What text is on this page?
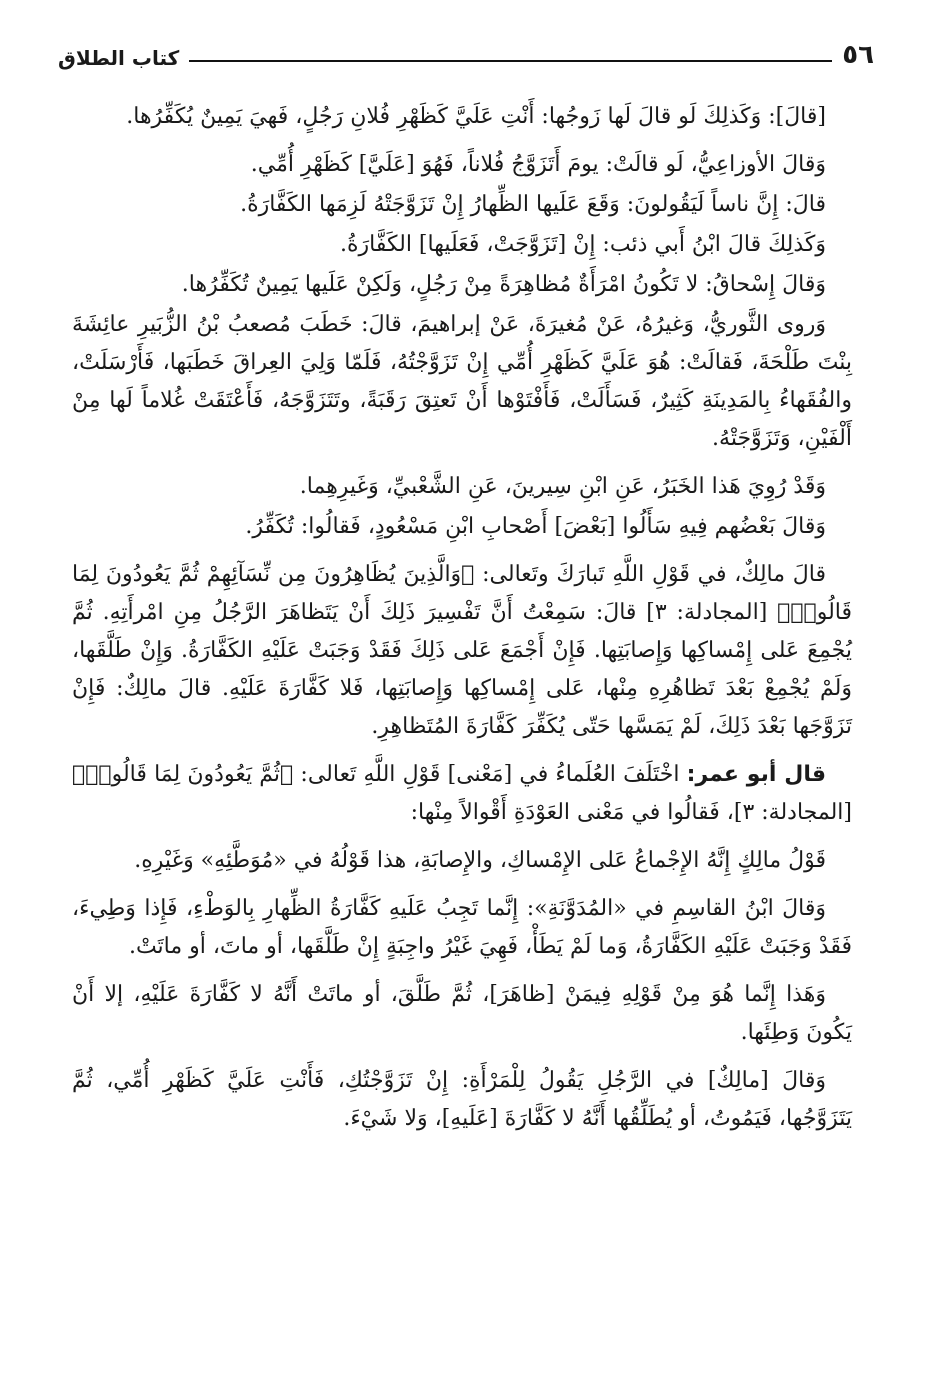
٥٦
كتاب الطلاق

[قالَ]: وَكَذلِكَ لَو قالَ لَها زَوجُها: أَنْتِ عَلَيَّ كَظَهْرِ فُلانِ رَجُلٍ، فَهيَ يَمِينٌ يُكَفِّرُها.

وَقالَ الأوزاعِيُّ، لَو قالَتْ: يومَ أَتَزَوَّجُ فُلاناً، فَهُوَ [عَلَيَّ] كَظَهْرِ أُمِّي.

قالَ: إِنَّ ناساً لَيَقُولونَ: وَقَعَ عَلَيها الظِّهارُ إِنْ تَزَوَّجَتْهُ لَزِمَها الكَفَّارَةُ.

وَكَذلِكَ قالَ ابْنُ أَبي ذئب: إِنْ [تَزَوَّجَتْ، فَعَلَيها] الكَفَّارَةُ.

وَقالَ إِسْحاقُ: لا تَكُونُ امْرَأَةٌ مُظاهِرَةً مِنْ رَجُلٍ، وَلَكِنْ عَلَيها يَمِينٌ تُكَفِّرُها.

وَروى الثَّوريُّ، وَغيرُهُ، عَنْ مُغيرَةَ، عَنْ إبراهيمَ، قالَ: خَطَبَ مُصعبُ بْنُ الزُّبَيرِ عائِشَةَ بِنْتَ طَلْحَةَ، فَقالَتْ: هُوَ عَلَيَّ كَظَهْرِ أُمِّي إِنْ تَزَوَّجْتُهُ، فَلَمّا وَلِيَ العِراقَ خَطَبَها، فَأَرْسَلَتْ، والفُقَهاءُ بِالمَدِينَةِ كَثِيرٌ، فَسَأَلَتْ، فَأَفْتَوْها أَنْ تَعتِقَ رَقَبَةً، وتَتَزَوَّجَهُ، فَأَعْتَقَتْ غُلاماً لَها مِنْ أَلْفَيْنِ، وَتَزَوَّجَتْهُ.

وَقَدْ رُوِيَ هَذا الخَبَرُ، عَنِ ابْنِ سِيرينَ، عَنِ الشَّعْبيِّ، وَغَيرِهِما.

وَقالَ بَعْضُهم فِيهِ سَأَلُوا [بَعْضَ] أَصْحابِ ابْنِ مَسْعُودٍ، فَقالُوا: تُكَفِّرُ.

قالَ مالِكٌ، في قَوْلِ اللَّهِ تَبارَكَ وتَعالى: ﴿وَالَّذِينَ يُظَاهِرُونَ مِن نِّسَآئِهِمْ ثُمَّ يَعُودُونَ لِمَا قَالُوا۟﴾ [المجادلة: ٣] قالَ: سَمِعْتُ أَنَّ تَفْسِيرَ ذَلِكَ أَنْ يَتَظاهَرَ الرَّجُلُ مِنِ امْرأَتِهِ. ثُمَّ يُجْمِعَ عَلى إِمْساكِها وَإِصابَتِها. فَإِنْ أَجْمَعَ عَلى ذَلِكَ فَقَدْ وَجَبَتْ عَلَيْهِ الكَفَّارَةُ. وَإِنْ طَلَّقَها، وَلَمْ يُجْمِعْ بَعْدَ تَظاهُرِهِ مِنْها، عَلى إِمْساكِها وَإِصابَتِها، فَلا كَفَّارَةَ عَلَيْهِ. قالَ مالِكٌ: فَإِنْ تَزَوَّجَها بَعْدَ ذَلِكَ، لَمْ يَمَسَّها حَتّى يُكَفِّرَ كَفَّارَةَ المُتَظاهِرِ.

قال أبو عمر: اخْتَلَفَ العُلَماءُ في [مَعْنى] قَوْلِ اللَّهِ تَعالى: ﴿ثُمَّ يَعُودُونَ لِمَا قَالُوا۟﴾ [المجادلة: ٣]، فَقالُوا في مَعْنى العَوْدَةِ أَقْوالاً مِنْها:

قَوْلُ مالِكٍ إِنَّهُ الإِجْماعُ عَلى الإِمْساكِ، والإِصابَةِ، هذا قَوْلُهُ في «مُوَطَّئِهِ» وَغَيْرِهِ.

وَقالَ ابْنُ القاسِمِ في «المُدَوَّنَةِ»: إِنَّما تَجِبُ عَلَيهِ كَفَّارَةُ الظِّهارِ بِالوَطْءِ، فَإِذا وَطِيءَ، فَقَدْ وَجَبَتْ عَلَيْهِ الكَفَّارَةُ، وَما لَمْ يَطَأْ، فَهِيَ غَيْرُ واجِبَةٍ إِنْ طَلَّقَها، أو ماتَ، أو ماتَتْ.

وَهَذا إِنَّما هُوَ مِنْ قَوْلِهِ فِيمَنْ [ظاهَرَ]، ثُمَّ طَلَّقَ، أو ماتَتْ أَنَّهُ لا كَفَّارَةَ عَلَيْهِ، إلا أَنْ يَكُونَ وَطِئَها.

وَقالَ [مالِكٌ] في الرَّجُلِ يَقُولُ لِلْمَرْأَةِ: إِنْ تَزَوَّجْتُكِ، فَأَنْتِ عَلَيَّ كَظَهْرِ أُمِّي، ثُمَّ يَتَزَوَّجُها، فَيَمُوتُ، أو يُطَلِّقُها أَنَّهُ لا كَفَّارَةَ [عَلَيهِ]، وَلا شَيْءَ.
